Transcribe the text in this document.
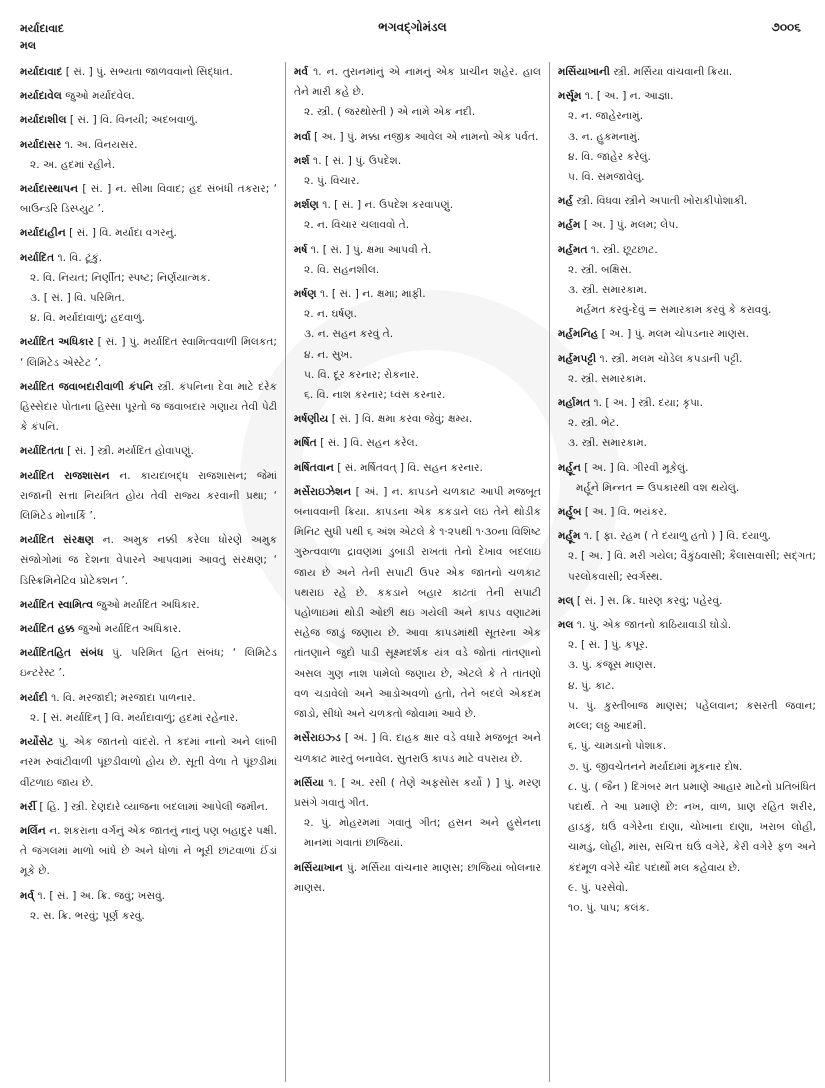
મર્યાદાવાદ
મલ
ભગવદ્ગોમંડલ	૭૦૦૬
મર્યાદાવાદ [ સં. ] પું. સભ્યતા જાળવવાનો સિદ્ધાંત.
મર્યાદાવેલ જુઓ મર્યાદવેલ.
મર્યાદાશીલ [ સં. ] વિ. વિનયી; અદબવાળું.
મર્યાદાસર ૧. અ. વિનયસર.
૨. અ. હદમાં રહીને.
મર્યાદાસ્થાપન [ સં. ] ન. સીમા વિવાદ; હદ સંબંધી તકરાર; ‘ બાઉન્ડરિ ડિસ્પ્યુટ ’.
મર્યાદાહીન [ સં. ] વિ. મર્યાદા વગરનું.
મર્યાદિત ૧. વિ. ટૂંકું.
૨. વિ. નિયત; નિર્ણીત; સ્પષ્ટ; નિર્ણયાત્મક.
૩. [ સં. ] વિ. પરિમિત.
૪. વિ. મર્યાદાવાળું; હદવાળું.
મર્યાદિત અધિકાર [ સં. ] પું. મર્યાદિત સ્વામિત્વવાળી મિલકત; ‘ લિમિટેડ એસ્ટેટ ’.
મર્યાદિત જવાબદારીવાળી કંપનિ સ્ત્રી. કંપનિના દેવા માટે દરેક હિસ્સેદાર પોતાના હિસ્સા પૂરતો જ જવાબદાર ગણાય તેવી પેઢી કે કંપનિ.
મર્યાદિતતા [ સં. ] સ્ત્રી. મર્યાદિત હોવાપણું.
મર્યાદિત રાજશાસન ન. કાયદાબદ્ધ રાજશાસન; જેમાં રાજાની સત્તા નિયંત્રિત હોય તેવી રાજ્ય કરવાની પ્રથા; ‘ લિમિટેડ મોનાર્કિ ’.
મર્યાદિત સંરક્ષણ ન. અમુક નક્કી કરેલા ધોરણે અમુક સંજોગોમાં જ દેશના વેપારને આપવામાં આવતું સંરક્ષણ; ‘ ડિસ્ક્રિમિનેટિવ પ્રોટેક્શન ’.
મર્યાદિત સ્વામિત્વ જુઓ મર્યાદિત અધિકાર.
મર્યાદિત હક્ક જુઓ મર્યાદિત અધિકાર.
મર્યાદિતહિત સંબંધ પું. પરિમિત હિત સંબંધ; ‘ લિમિટેડ ઇન્ટરેસ્ટ ’.
મર્યાદી ૧. વિ. મરજાદી; મરજાદા પાળનાર.
૨. [ સં. મર્યાદિન્ ] વિ. મર્યાદાવાળું; હદમાં રહેનાર.
મર્યોસેટ પું. એક જાતનો વાંદરો. તે કદમાં નાનો અને લાંબી નરમ રુવાંટીવાળી પૂંછડીવાળો હોય છે. સૂતી વેળા તે પૂંછડીમાં વીંટળાઇ જાય છે.
મર્રી [ હિ. ] સ્ત્રી. દેણદારે વ્યાજના બદલામાં આપેલી જમીન.
મર્લિન ન. શકરાના વર્ગનું એક જાતનું નાનું પણ બહાદુર પક્ષી. તે જંગલમાં માળો બાંધે છે અને ધોળાં ને ભૂરી છાંટવાળાં ઈંડાં મૂકે છે.
મર્વ્ ૧. [ સં. ] અ. ક્રિ. જવું; ખસવું.
૨. સ. ક્રિ. ભરવું; પૂર્ણ કરવું.
મર્વ ૧. ન. તુરાનમાંનું એ નામનું એક પ્રાચીન શહેર. હાલ તેને મારી કહે છે.
૨. સ્ત્રી. ( જરથોસ્તી ) એ નામે એક નદી.
મર્વા [ અ. ] પું. મક્કા નજીક આવેલ એ નામનો એક પર્વત.
મર્શ ૧. [ સં. ] પું. ઉપદેશ.
૨. પું. વિચાર.
મર્શણ ૧. [ સં. ] ન. ઉપદેશ કરવાપણું.
૨. ન. વિચાર ચલાવવો તે.
મર્ષ ૧. [ સં. ] પું. ક્ષમા આપવી તે.
૨. વિ. સહનશીલ.
મર્ષણ ૧. [ સં. ] ન. ક્ષમા; માફી.
૨. ન. ઘર્ષણ.
૩. ન. સહન કરવું તે.
૪. ન. સુખ.
૫. વિ. દૂર કરનાર; રોકનાર.
૬. વિ. નાશ કરનાર; ધ્વંસ કરનાર.
મર્ષણીય [ સં. ] વિ. ક્ષમા કરવા જેવું; ક્ષમ્ય.
મર્ષિત [ સં. ] વિ. સહન કરેલ.
મર્ષિતવાન [ સં. મર્ષિતવત્ ] વિ. સહન કરનાર.
મર્સેરાઇઝેશન [ અં. ] ન. કાપડને ચળકાટ આપી મજબૂત બનાવવાની ક્રિયા. કાપડના એક કકડાને લઇ તેને થોડીક મિનિટ સુધી પથી ૬ અંશ એટલે કે ૧·૨૫થી ૧·૩૦ના વિશિષ્ટ ગુરુત્વવાળા દ્રાવણમાં ડુબાડી રાખતાં તેનો દેખાવ બદલાઇ જાય છે અને તેની સપાટી ઉપર એક જાતનો ચળકાટ પથરાઇ રહે છે. કકડાને બહાર કાઢતાં તેની સપાટી પહોળાઇમાં થોડી ઓછી થઇ ગયેલી અને કાપડ વણાટમાં સહેજ જાડું જણાય છે. આવા કાપડમાંથી સૂતરના એક તાંતણાને જુદો પાડી સૂક્ષ્મદર્શક યંત્ર વડે જોતાં તાંતણાનો અસલ ગુણ નાશ પામેલો જણાય છે, એટલે કે તે તાંતણો વળ ચડાવેલો અને આડોઅવળો હતો, તેને બદલે એકદમ જાડો, સીધો અને ચળકતો જોવામાં આવે છે.
મર્સેરાઇઝ્ડ [ અં. ] વિ. દાહક ક્ષાર વડે વધારે મજબૂત અને ચળકાટ મારતું બનાવેલ. સુતરાઉ કાપડ માટે વપરાય છે.
મર્સિયા ૧. [ અ. રસી ( તેણે અફસોસ કર્યો ) ] પું. મરણ પ્રસંગે ગવાતું ગીત.
૨. પું. મોહરમમાં ગવાતું ગીત; હસન અને હુસેનના માનમાં ગવાતાં છાજિયાં.
મર્સિયાખાન પું. મર્સિયા વાંચનાર માણસ; છાજિયાં બોલનાર માણસ.
મર્સિયાખાની સ્ત્રી. મર્સિયા વાંચવાની ક્રિયા.
મર્સૂમ ૧. [ અ. ] ન. આજ્ઞા.
૨. ન. જાહેરનામું.
૩. ન. હુકમનામું.
૪. વિ. જાહેર કરેલું.
૫. વિ. સમજાવેલું.
મર્હ સ્ત્રી. વિધવા સ્ત્રીને અપાતી ખોરાકીપોશાકી.
મર્હમ [ અ. ] પું. મલમ; લેપ.
મર્હમત ૧. સ્ત્રી. છૂટછાટ.
૨. સ્ત્રી. બક્ષિસ.
૩. સ્ત્રી. સમારકામ.
મર્હમત કરવું-દેવું = સમારકામ કરવું કે કરાવવું.
મર્હમનિહ [ અ. ] પું. મલમ ચોપડનાર માણસ.
મર્હમપટ્ટી ૧. સ્ત્રી. મલમ ચોડેલ કપડાની પટ્ટી.
૨. સ્ત્રી. સમારકામ.
મર્હામત ૧. [ અ. ] સ્ત્રી. દયા; કૃપા.
૨. સ્ત્રી. ભેટ.
૩. સ્ત્રી. સમારકામ.
મર્હૂન [ અ. ] વિ. ગીરવી મૂકેલું.
મર્હૂને મિન્નત = ઉપકારથી વશ થયેલું.
મર્હૂબ [ અ. ] વિ. ભયંકર.
મર્હૂમ ૧. [ ફા. રહમ ( તે દયાળુ હતો ) ] વિ. દયાળુ.
૨. [ અ. ] વિ. મરી ગયેલ; વૈકુંઠવાસી; કૈલાસવાસી; સદ્ગત; પરલોકવાસી; સ્વર્ગસ્થ.
મલ્ [ સં. ] સ. ક્રિ. ધારણ કરવું; પહેરવું.
મલ ૧. પું. એક જાતનો કાઠિયાવાડી ઘોડો.
૨. [ સં. ] પું. કપૂર.
૩. પું. કંજૂસ માણસ.
૪. પું. કાટ.
૫. પું. કુસ્તીબાજ માણસ; પહેલવાન; કસરતી જવાન; મલ્લ; લઠ્ઠ આદમી.
૬. પું. ચામડાનો પોશાક.
૭. પું. જીવચેતનને મર્યાદામાં મૂકનાર દોષ.
૮. પું. ( જૈન ) દિગંબર મત પ્રમાણે આહાર માટેનો પ્રતિબંધિત પદાર્થ. તે આ પ્રમાણે છે: નખ, વાળ, પ્રાણ રહિત શરીર, હાડકું, ઘઉં વગેરેના દાણા, ચોખાના દાણા, ખરાબ લોહી, ચામડું, લોહી, માંસ, સચિત્ત ઘઉં વગેરે, કેરી વગેરે ફળ અને કંદમૂળ વગેરે ચૌદ પદાર્થો મલ કહેવાય છે.
૯. પું. પરસેવો.
૧૦. પું. પાપ; કલંક.
